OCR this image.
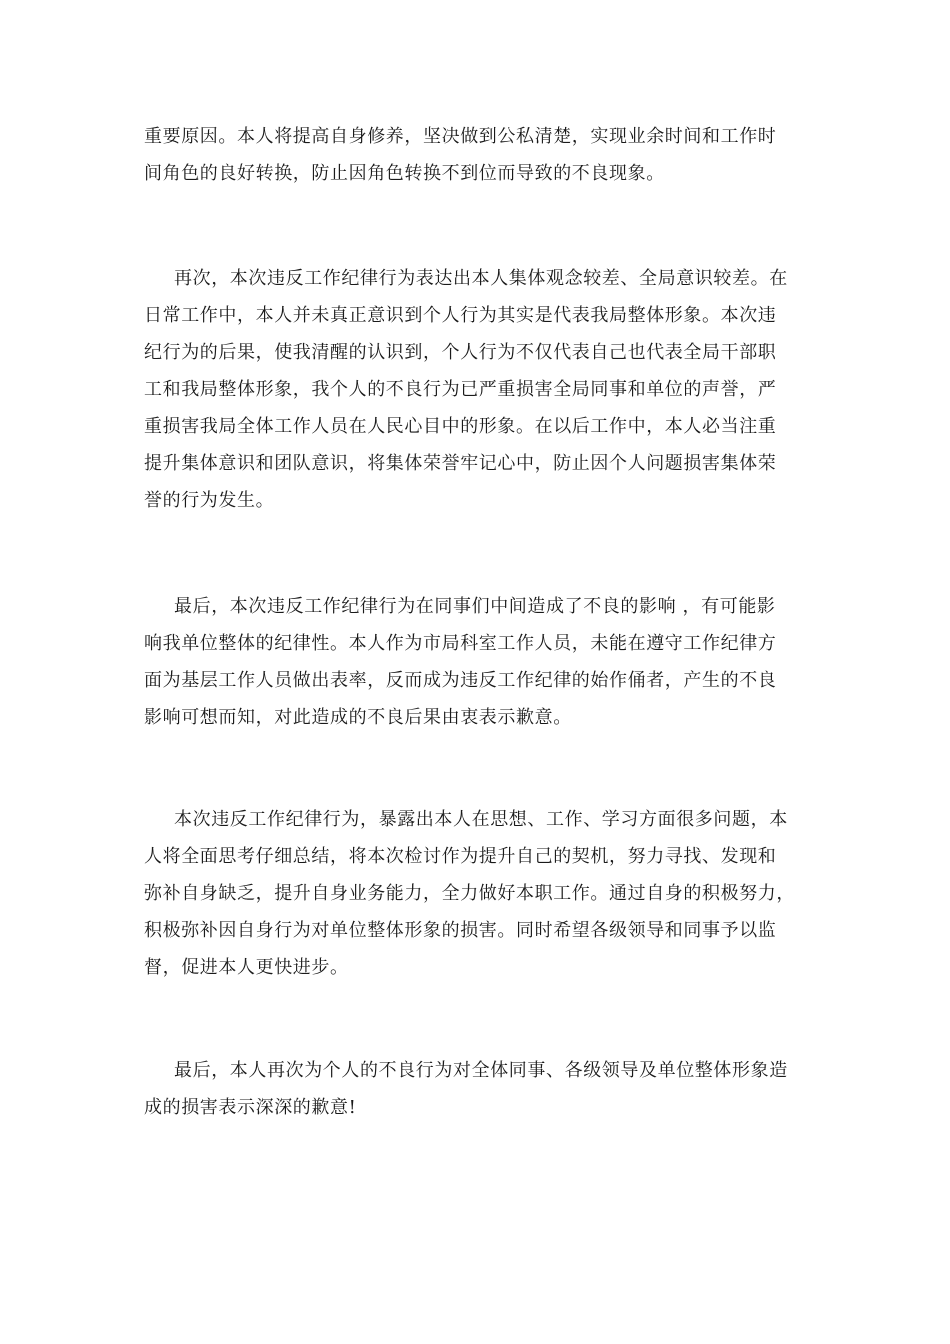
重要原因。本人将提高自身修养，坚决做到公私清楚，实现业余时间和工作时
间角色的良好转换，防止因角色转换不到位而导致的不良现象。
再次，本次违反工作纪律行为表达出本人集体观念较差、全局意识较差。在
日常工作中，本人并未真正意识到个人行为其实是代表我局整体形象。本次违
纪行为的后果，使我清醒的认识到，个人行为不仅代表自己也代表全局干部职
工和我局整体形象，我个人的不良行为已严重损害全局同事和单位的声誉，严
重损害我局全体工作人员在人民心目中的形象。在以后工作中，本人必当注重
提升集体意识和团队意识，将集体荣誉牢记心中，防止因个人问题损害集体荣
誉的行为发生。
最后，本次违反工作纪律行为在同事们中间造成了不良的影响 ，有可能影
响我单位整体的纪律性。本人作为市局科室工作人员，未能在遵守工作纪律方
面为基层工作人员做出表率，反而成为违反工作纪律的始作俑者，产生的不良
影响可想而知，对此造成的不良后果由衷表示歉意。
本次违反工作纪律行为，暴露出本人在思想、工作、学习方面很多问题，本
人将全面思考仔细总结，将本次检讨作为提升自己的契机，努力寻找、发现和
弥补自身缺乏，提升自身业务能力，全力做好本职工作。通过自身的积极努力，
积极弥补因自身行为对单位整体形象的损害。同时希望各级领导和同事予以监
督，促进本人更快进步。
最后，本人再次为个人的不良行为对全体同事、各级领导及单位整体形象造
成的损害表示深深的歉意!
